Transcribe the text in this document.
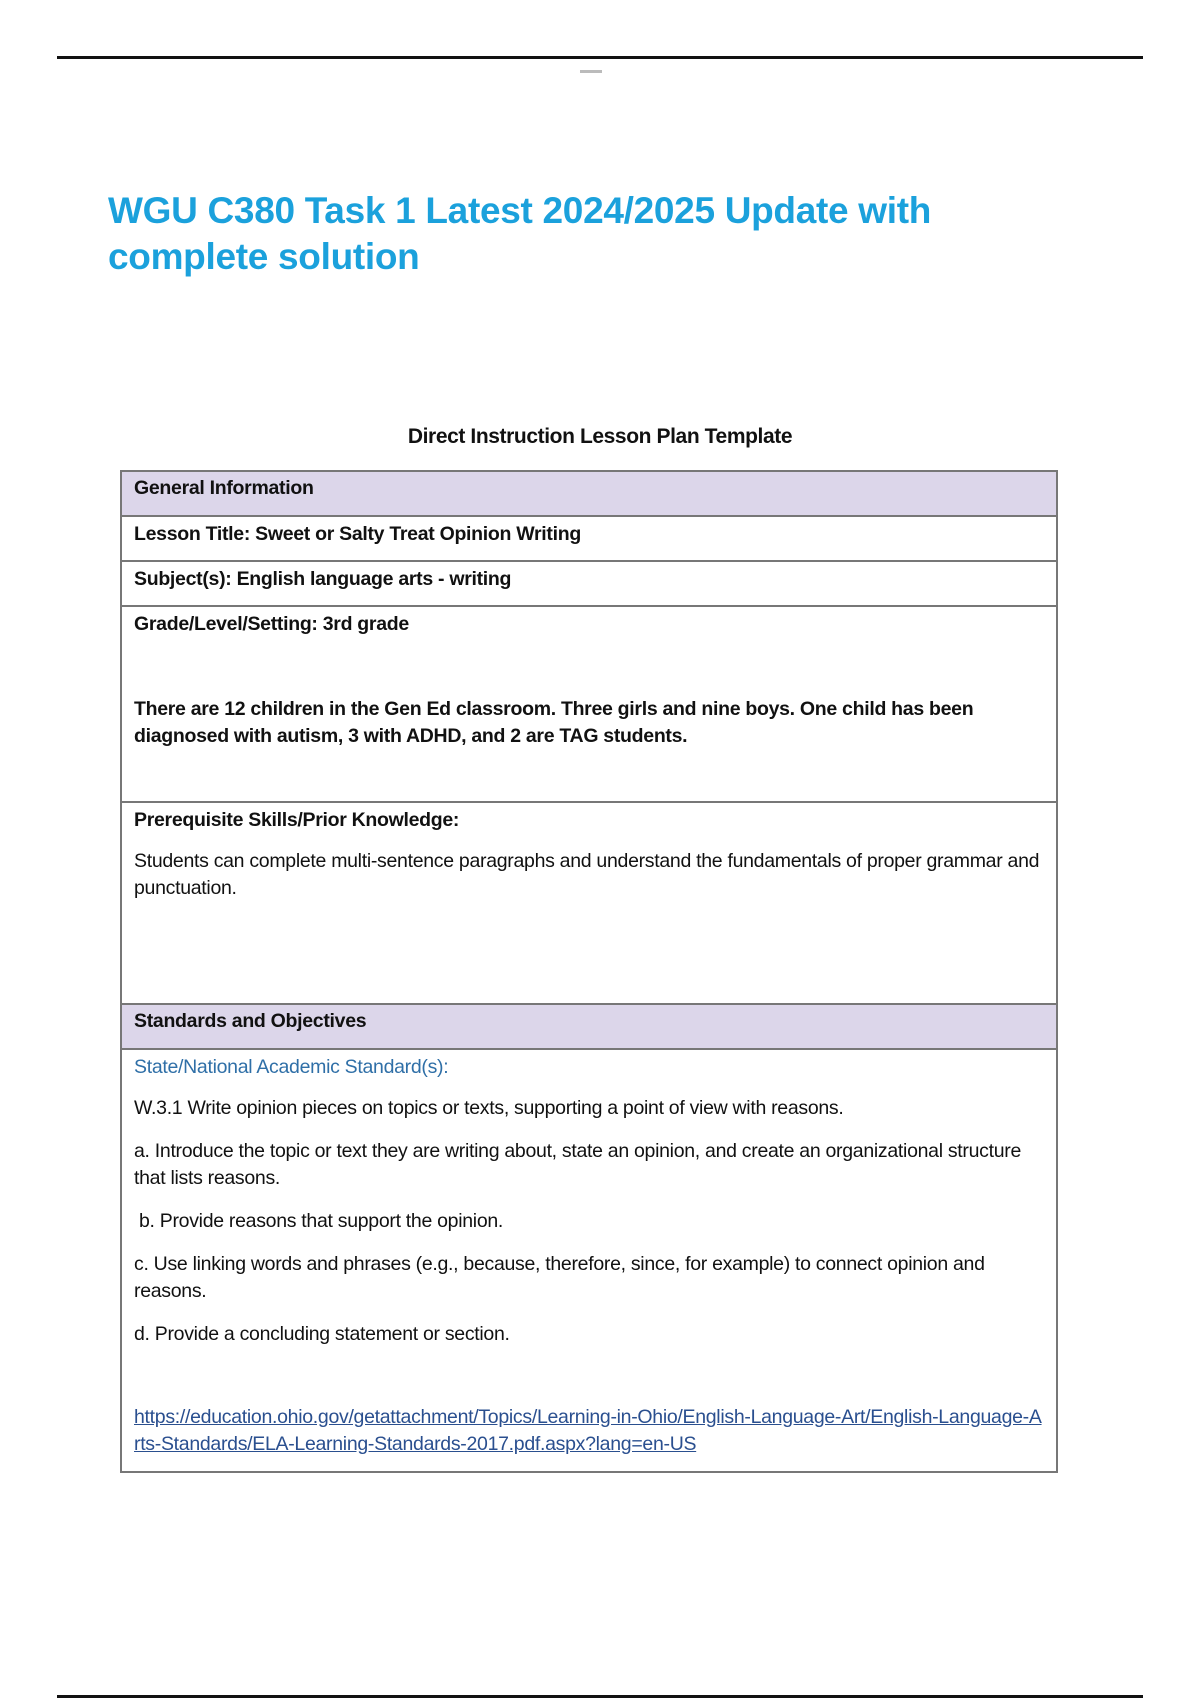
WGU C380 Task 1 Latest 2024/2025 Update with complete solution
Direct Instruction Lesson Plan Template
General Information
Lesson Title: Sweet or Salty Treat Opinion Writing
Subject(s): English language arts - writing

Grade/Level/Setting: 3rd grade
There are 12 children in the Gen Ed classroom. Three girls and nine boys. One child has been diagnosed with autism, 3 with ADHD, and 2 are TAG students.

Prerequisite Skills/Prior Knowledge:
Students can complete multi-sentence paragraphs and understand the fundamentals of proper grammar and punctuation.

Standards and Objectives

State/National Academic Standard(s):

W.3.1 Write opinion pieces on topics or texts, supporting a point of view with reasons.

a. Introduce the topic or text they are writing about, state an opinion, and create an organizational structure that lists reasons.

b. Provide reasons that support the opinion.

c. Use linking words and phrases (e.g., because, therefore, since, for example) to connect opinion and reasons.

d. Provide a concluding statement or section.

https://education.ohio.gov/getattachment/Topics/Learning-in-Ohio/English-Language-Art/English-Language-Arts-Standards/ELA-Learning-Standards-2017.pdf.aspx?lang=en-US
